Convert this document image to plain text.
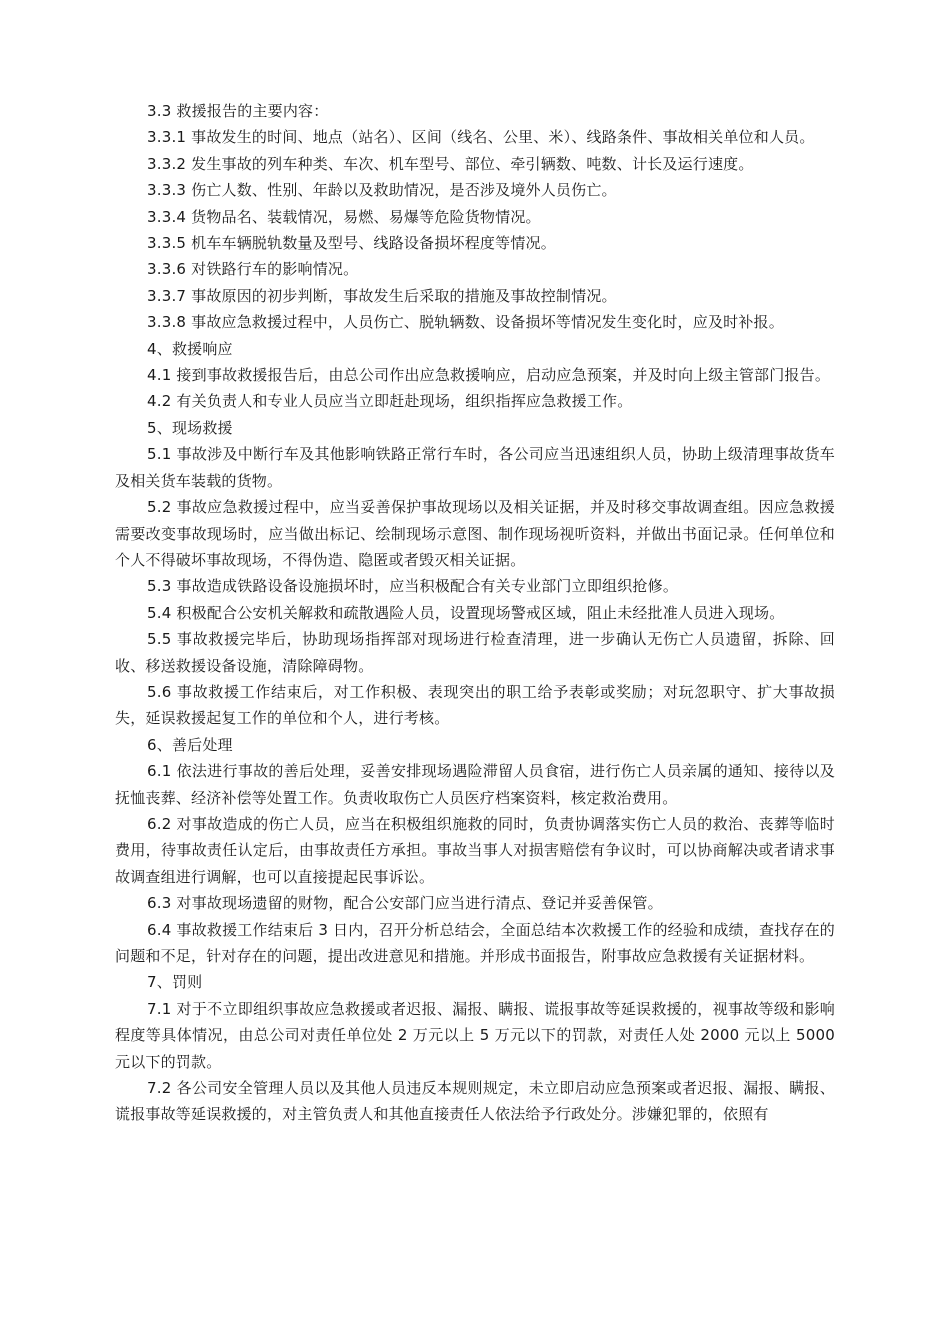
3.3 救援报告的主要内容：

3.3.1 事故发生的时间、地点（站名）、区间（线名、公里、米）、线路条件、事故相关单位和人员。

3.3.2 发生事故的列车种类、车次、机车型号、部位、牵引辆数、吨数、计长及运行速度。

3.3.3 伤亡人数、性别、年龄以及救助情况，是否涉及境外人员伤亡。

3.3.4 货物品名、装载情况，易燃、易爆等危险货物情况。

3.3.5 机车车辆脱轨数量及型号、线路设备损坏程度等情况。

3.3.6 对铁路行车的影响情况。

3.3.7 事故原因的初步判断，事故发生后采取的措施及事故控制情况。

3.3.8 事故应急救援过程中，人员伤亡、脱轨辆数、设备损坏等情况发生变化时，应及时补报。

4、救援响应

4.1 接到事故救援报告后，由总公司作出应急救援响应，启动应急预案，并及时向上级主管部门报告。

4.2 有关负责人和专业人员应当立即赶赴现场，组织指挥应急救援工作。

5、现场救援

5.1 事故涉及中断行车及其他影响铁路正常行车时，各公司应当迅速组织人员，协助上级清理事故货车及相关货车装载的货物。

5.2 事故应急救援过程中，应当妥善保护事故现场以及相关证据，并及时移交事故调查组。因应急救援需要改变事故现场时，应当做出标记、绘制现场示意图、制作现场视听资料，并做出书面记录。任何单位和个人不得破坏事故现场，不得伪造、隐匿或者毁灭相关证据。

5.3 事故造成铁路设备设施损坏时，应当积极配合有关专业部门立即组织抢修。

5.4 积极配合公安机关解救和疏散遇险人员，设置现场警戒区域，阻止未经批准人员进入现场。

5.5 事故救援完毕后，协助现场指挥部对现场进行检查清理，进一步确认无伤亡人员遗留，拆除、回收、移送救援设备设施，清除障碍物。

5.6 事故救援工作结束后，对工作积极、表现突出的职工给予表彰或奖励；对玩忽职守、扩大事故损失，延误救援起复工作的单位和个人，进行考核。

6、善后处理

6.1 依法进行事故的善后处理，妥善安排现场遇险滞留人员食宿，进行伤亡人员亲属的通知、接待以及抚恤丧葬、经济补偿等处置工作。负责收取伤亡人员医疗档案资料，核定救治费用。

6.2 对事故造成的伤亡人员，应当在积极组织施救的同时，负责协调落实伤亡人员的救治、丧葬等临时费用，待事故责任认定后，由事故责任方承担。事故当事人对损害赔偿有争议时，可以协商解决或者请求事故调查组进行调解，也可以直接提起民事诉讼。

6.3 对事故现场遗留的财物，配合公安部门应当进行清点、登记并妥善保管。

6.4 事故救援工作结束后 3 日内，召开分析总结会，全面总结本次救援工作的经验和成绩，查找存在的问题和不足，针对存在的问题，提出改进意见和措施。并形成书面报告，附事故应急救援有关证据材料。

7、罚则

7.1 对于不立即组织事故应急救援或者迟报、漏报、瞒报、谎报事故等延误救援的，视事故等级和影响程度等具体情况，由总公司对责任单位处 2 万元以上 5 万元以下的罚款，对责任人处 2000 元以上 5000 元以下的罚款。

7.2 各公司安全管理人员以及其他人员违反本规则规定，未立即启动应急预案或者迟报、漏报、瞒报、谎报事故等延误救援的，对主管负责人和其他直接责任人依法给予行政处分。涉嫌犯罪的，依照有
